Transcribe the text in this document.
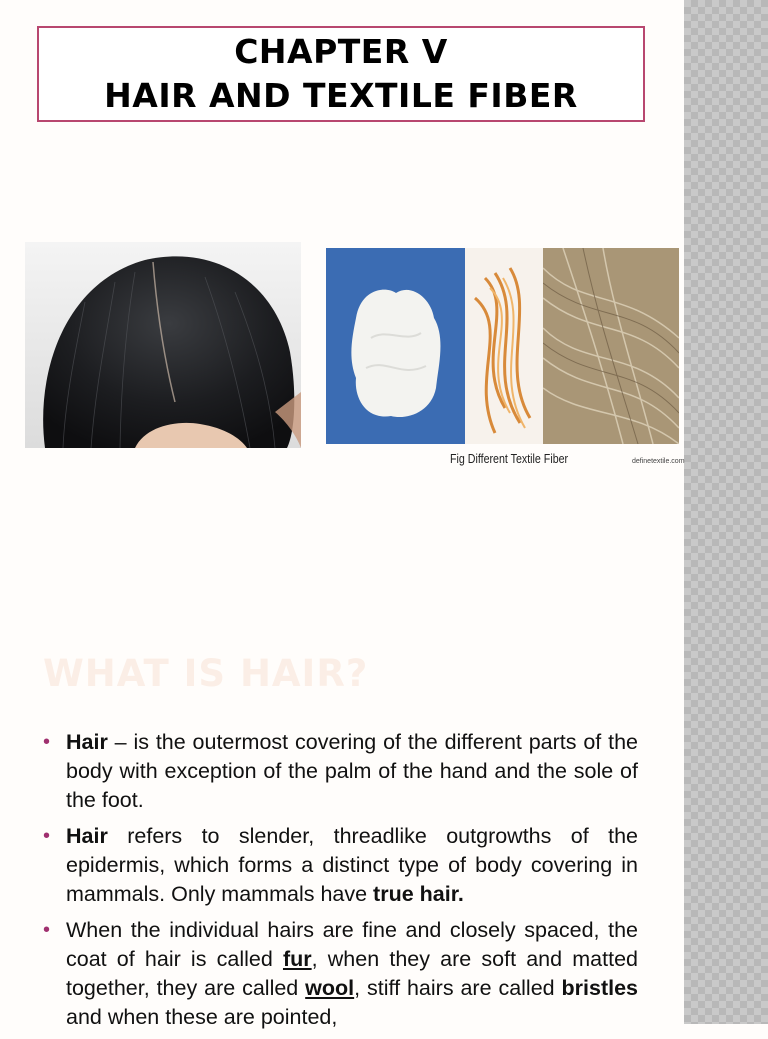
CHAPTER V
HAIR AND TEXTILE FIBER
Fig Different Textile Fiber	definetextile.com
WHAT IS HAIR?
• Hair – is the outermost covering of the different parts of the body with exception of the palm of the hand and the sole of the foot.
• Hair refers to slender, threadlike outgrowths of the epidermis, which forms a distinct type of body covering in mammals. Only mammals have true hair.
• When the individual hairs are fine and closely spaced, the coat of hair is called fur, when they are soft and matted together, they are called wool, stiff hairs are called bristles and when these are pointed,
